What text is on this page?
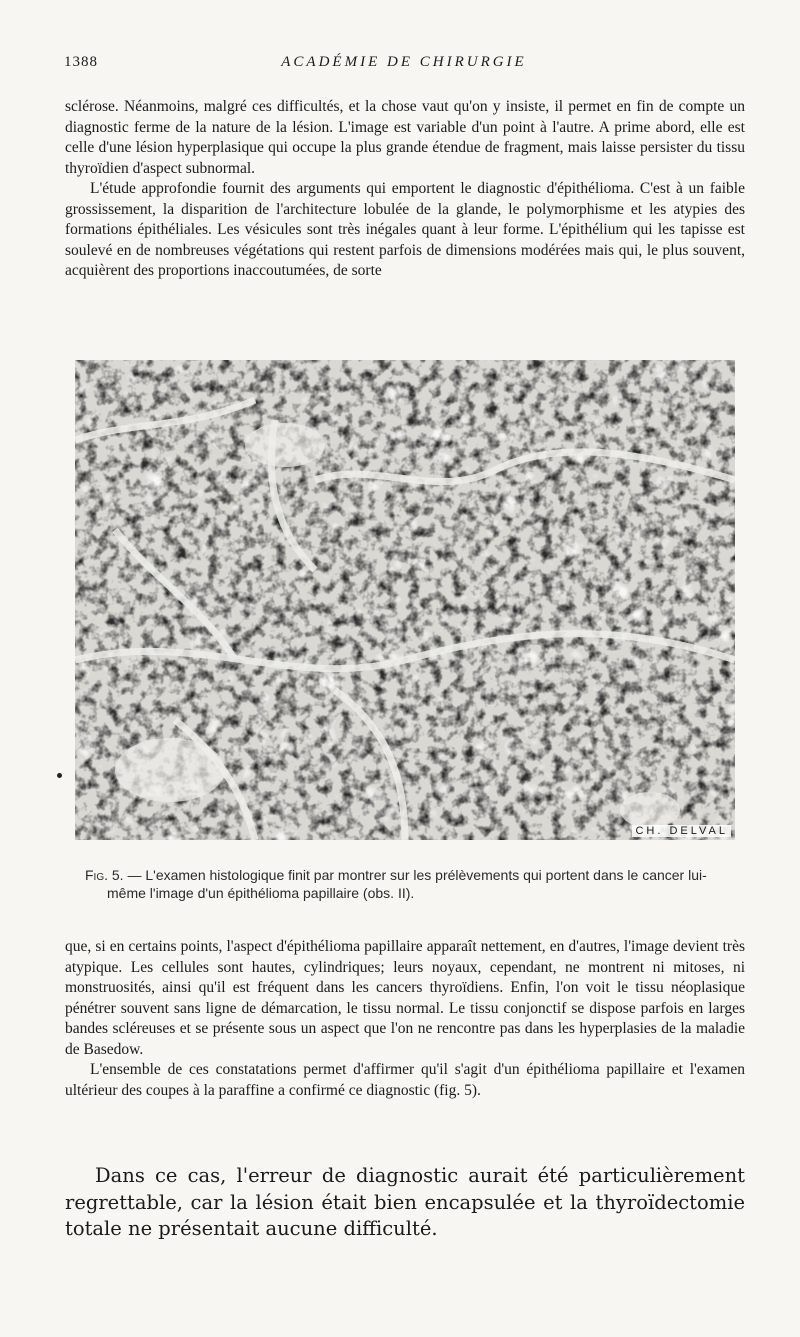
1388	ACADÉMIE DE CHIRURGIE

sclérose. Néanmoins, malgré ces difficultés, et la chose vaut qu'on y insiste, il permet en fin de compte un diagnostic ferme de la nature de la lésion. L'image est variable d'un point à l'autre. A prime abord, elle est celle d'une lésion hyperplasique qui occupe la plus grande étendue de fragment, mais laisse persister du tissu thyroïdien d'aspect subnormal.

L'étude approfondie fournit des arguments qui emportent le diagnostic d'épithélioma. C'est à un faible grossissement, la disparition de l'architecture lobulée de la glande, le polymorphisme et les atypies des formations épithéliales. Les vésicules sont très inégales quant à leur forme. L'épithélium qui les tapisse est soulevé en de nombreuses végétations qui restent parfois de dimensions modérées mais qui, le plus souvent, acquièrent des proportions inaccoutumées, de sorte

CH. DELVAL
Fig. 5. — L'examen histologique finit par montrer sur les prélèvements qui portent dans le cancer lui-même l'image d'un épithélioma papillaire (obs. II).

que, si en certains points, l'aspect d'épithélioma papillaire apparaît nettement, en d'autres, l'image devient très atypique. Les cellules sont hautes, cylindriques; leurs noyaux, cependant, ne montrent ni mitoses, ni monstruosités, ainsi qu'il est fréquent dans les cancers thyroïdiens. Enfin, l'on voit le tissu néoplasique pénétrer souvent sans ligne de démarcation, le tissu normal. Le tissu conjonctif se dispose parfois en larges bandes scléreuses et se présente sous un aspect que l'on ne rencontre pas dans les hyperplasies de la maladie de Basedow.

L'ensemble de ces constatations permet d'affirmer qu'il s'agit d'un épithélioma papillaire et l'examen ultérieur des coupes à la paraffine a confirmé ce diagnostic (fig. 5).

Dans ce cas, l'erreur de diagnostic aurait été particulièrement regrettable, car la lésion était bien encapsulée et la thyroïdectomie totale ne présentait aucune difficulté.
